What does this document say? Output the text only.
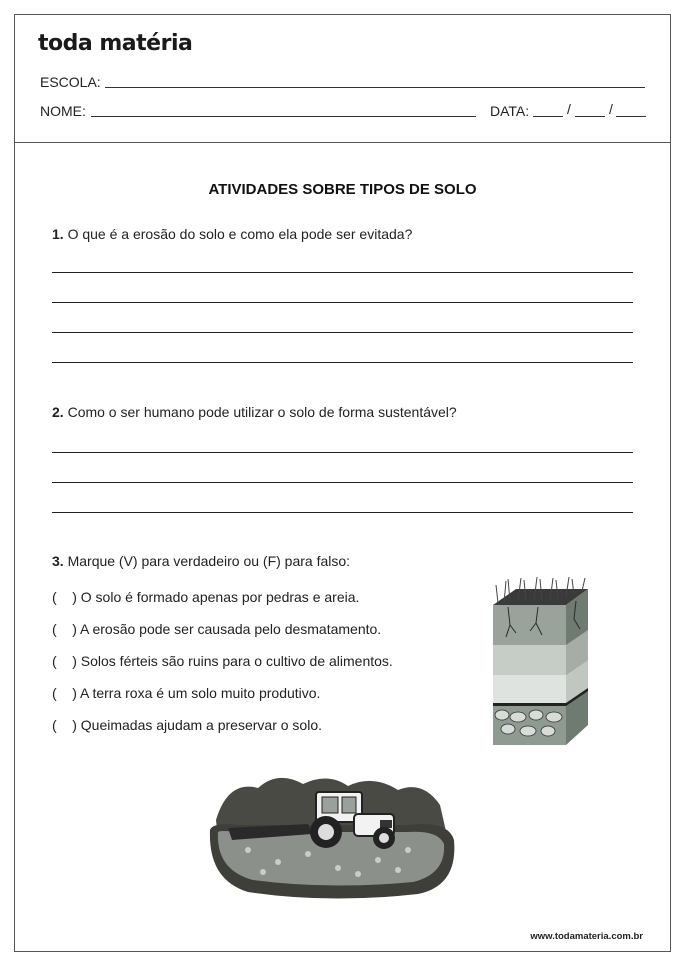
toda matéria
ESCOLA:
NOME:	DATA:	/	/
ATIVIDADES SOBRE TIPOS DE SOLO
1. O que é a erosão do solo e como ela pode ser evitada?
2. Como o ser humano pode utilizar o solo de forma sustentável?
3. Marque (V) para verdadeiro ou (F) para falso:
(    ) O solo é formado apenas por pedras e areia.
(    ) A erosão pode ser causada pelo desmatamento.
(    ) Solos férteis são ruins para o cultivo de alimentos.
(    ) A terra roxa é um solo muito produtivo.
(    ) Queimadas ajudam a preservar o solo.
www.todamateria.com.br
